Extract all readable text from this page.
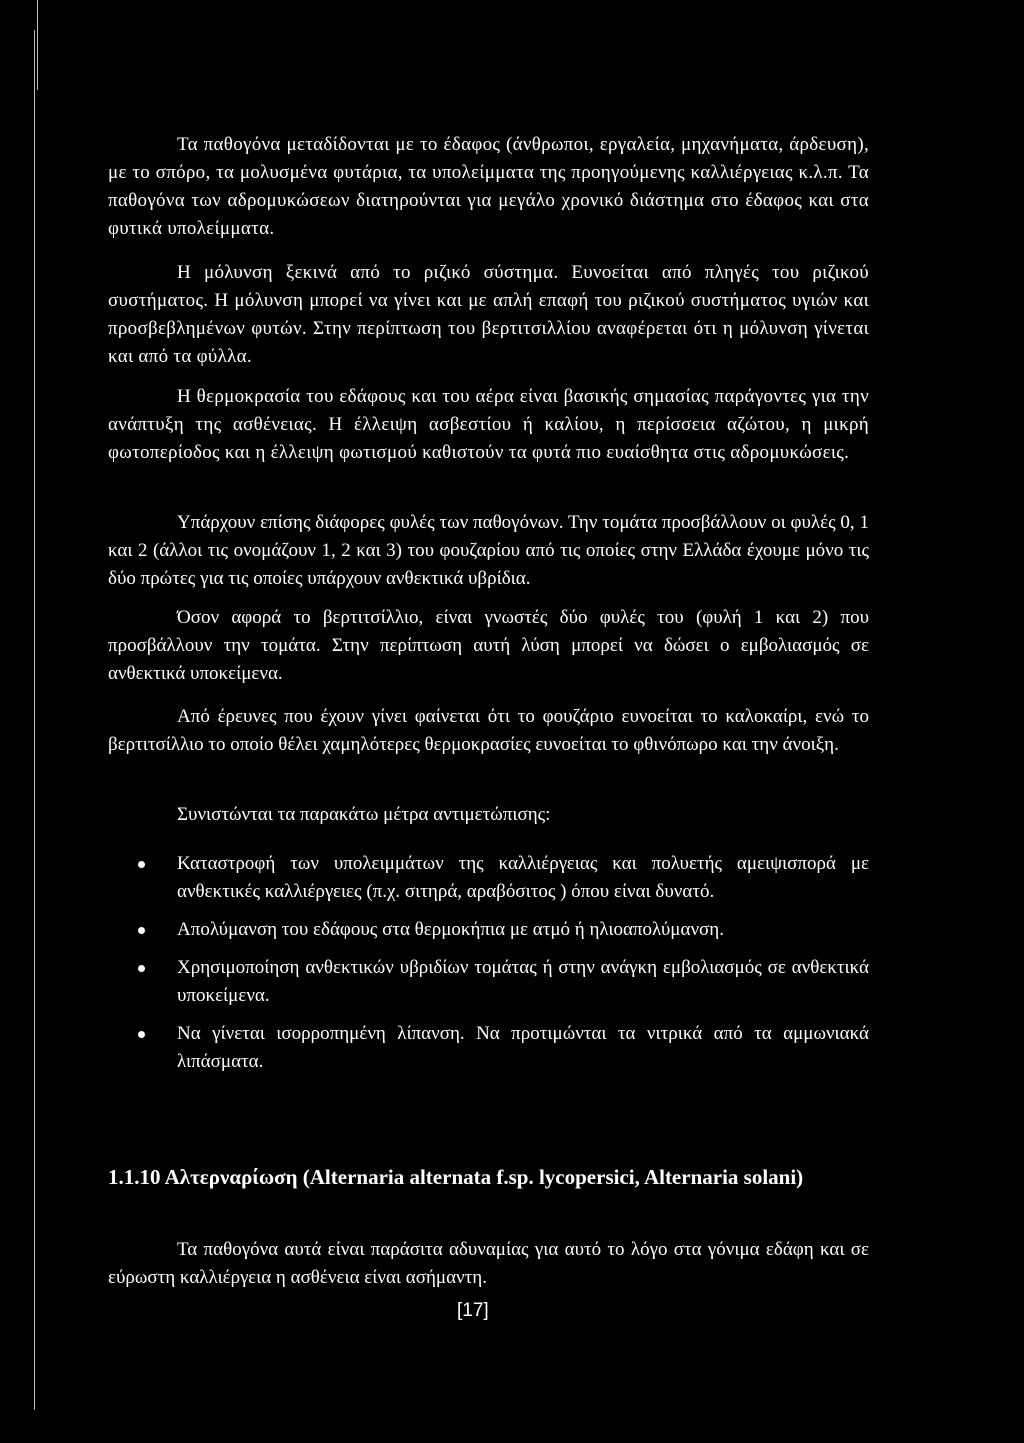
Τα παθογόνα μεταδίδονται με το έδαφος (άνθρωποι, εργαλεία, μηχανήματα, άρδευση), με το σπόρο, τα μολυσμένα φυτάρια, τα υπολείμματα της προηγούμενης καλλιέργειας κ.λ.π. Τα παθογόνα των αδρομυκώσεων διατηρούνται για μεγάλο χρονικό διάστημα στο έδαφος και στα φυτικά υπολείμματα.

Η μόλυνση ξεκινά από το ριζικό σύστημα. Ευνοείται από πληγές του ριζικού συστήματος. Η μόλυνση μπορεί να γίνει και με απλή επαφή του ριζικού συστήματος υγιών και προσβεβλημένων φυτών. Στην περίπτωση του βερτιτσιλλίου αναφέρεται ότι η μόλυνση γίνεται και από τα φύλλα.

Η θερμοκρασία του εδάφους και του αέρα είναι βασικής σημασίας παράγοντες για την ανάπτυξη της ασθένειας. Η έλλειψη ασβεστίου ή καλίου, η περίσσεια αζώτου, η μικρή φωτοπερίοδος και η έλλειψη φωτισμού καθιστούν τα φυτά πιο ευαίσθητα στις αδρομυκώσεις.

Υπάρχουν επίσης διάφορες φυλές των παθογόνων. Την τομάτα προσβάλλουν οι φυλές 0, 1 και 2 (άλλοι τις ονομάζουν 1, 2 και 3) του φουζαρίου από τις οποίες στην Ελλάδα έχουμε μόνο τις δύο πρώτες για τις οποίες υπάρχουν ανθεκτικά υβρίδια.

Όσον αφορά το βερτιτσίλλιο, είναι γνωστές δύο φυλές του (φυλή 1 και 2) που προσβάλλουν την τομάτα. Στην περίπτωση αυτή λύση μπορεί να δώσει ο εμβολιασμός σε ανθεκτικά υποκείμενα.

Από έρευνες που έχουν γίνει φαίνεται ότι το φουζάριο ευνοείται το καλοκαίρι, ενώ το βερτιτσίλλιο το οποίο θέλει χαμηλότερες θερμοκρασίες ευνοείται το φθινόπωρο και την άνοιξη.

Συνιστώνται τα παρακάτω μέτρα αντιμετώπισης:

Καταστροφή των υπολειμμάτων της καλλιέργειας και πολυετής αμειψισπορά με ανθεκτικές καλλιέργειες (π.χ. σιτηρά, αραβόσιτος ) όπου είναι δυνατό.
Απολύμανση του εδάφους στα θερμοκήπια με ατμό ή ηλιοαπολύμανση.
Χρησιμοποίηση ανθεκτικών υβριδίων τομάτας ή στην ανάγκη εμβολιασμός σε ανθεκτικά υποκείμενα.
Να γίνεται ισορροπημένη λίπανση. Να προτιμώνται τα νιτρικά από τα αμμωνιακά λιπάσματα.
1.1.10 Αλτερναρίωση (Alternaria alternata f.sp. lycopersici, Alternaria solani)

Τα παθογόνα αυτά είναι παράσιτα αδυναμίας για αυτό το λόγο στα γόνιμα εδάφη και σε εύρωστη καλλιέργεια η ασθένεια είναι ασήμαντη.

[17]
